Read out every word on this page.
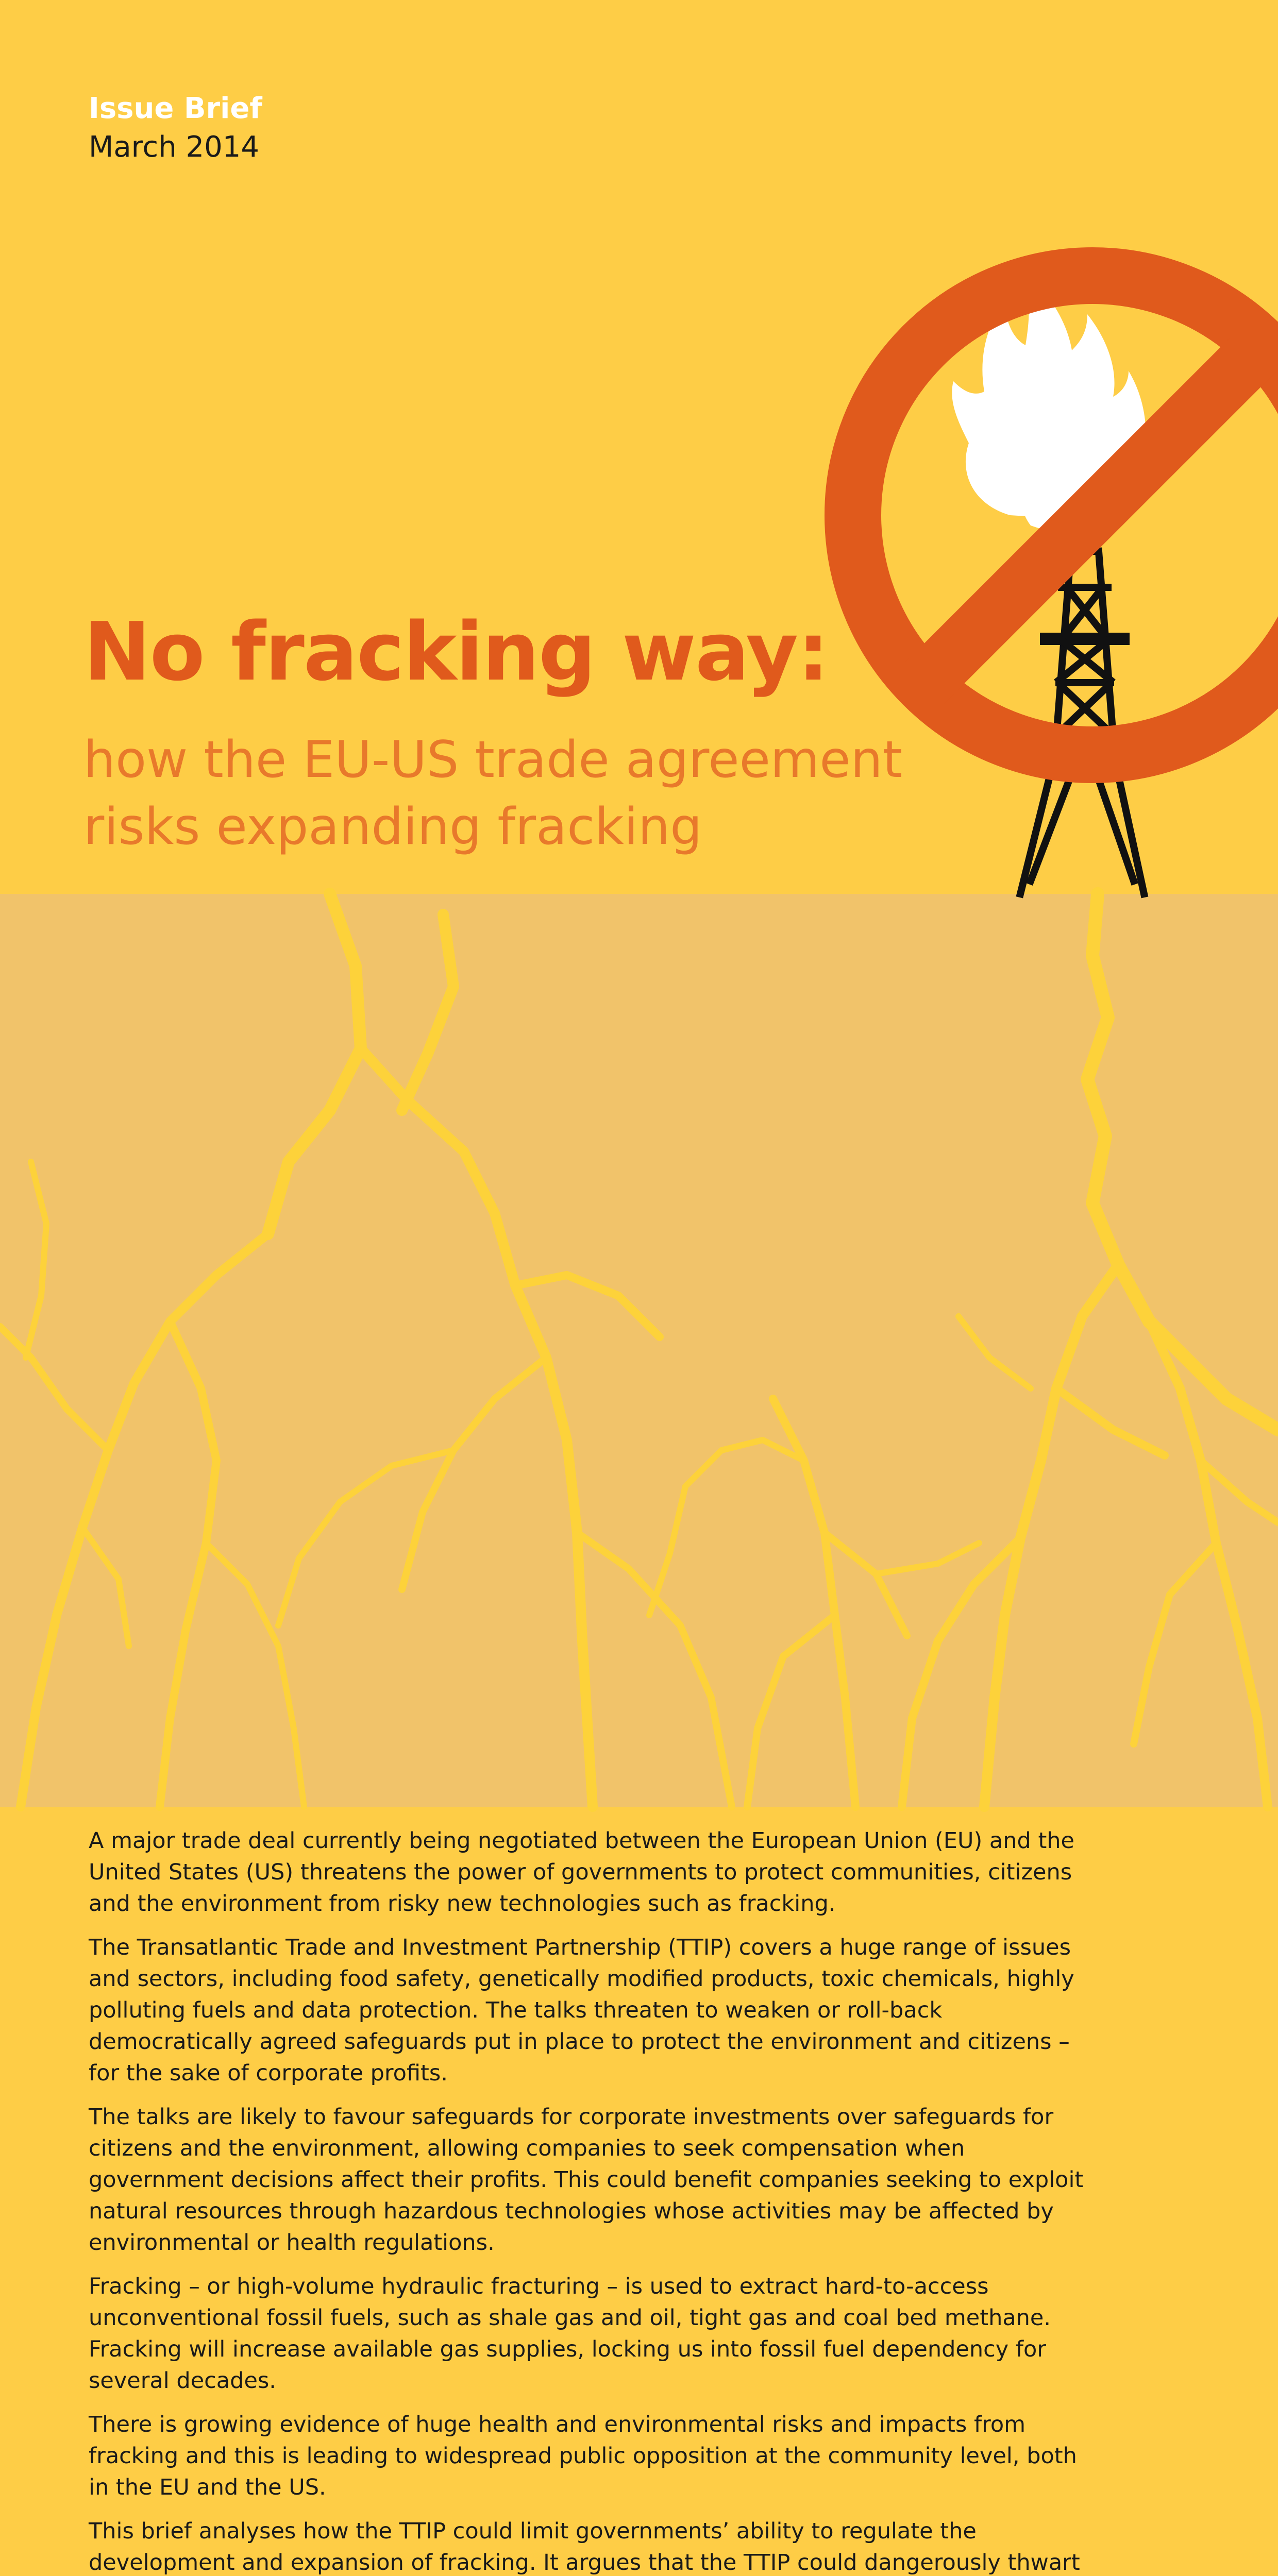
A major trade deal currently being negotiated between the European Union (EU) and the United States (US) threatens the power of governments to protect communities, citizens and the environment from risky new technologies such as fracking.

The Transatlantic Trade and Investment Partnership (TTIP) covers a huge range of issues and sectors, including food safety, genetically modified products, toxic chemicals, highly polluting fuels and data protection. The talks threaten to weaken or roll-back democratically agreed safeguards put in place to protect the environment and citizens – for the sake of corporate profits.

The talks are likely to favour safeguards for corporate investments over safeguards for citizens and the environment, allowing companies to seek compensation when government decisions affect their profits. This could benefit companies seeking to exploit natural resources through hazardous technologies whose activities may be affected by environmental or health regulations.

Fracking – or high-volume hydraulic fracturing – is used to extract hard-to-access unconventional fossil fuels, such as shale gas and oil, tight gas and coal bed methane. Fracking will increase available gas supplies, locking us into fossil fuel dependency for several decades.

There is growing evidence of huge health and environmental risks and impacts from fracking and this is leading to widespread public opposition at the community level, both in the EU and the US.

This brief analyses how the TTIP could limit governments’ ability to regulate the development and expansion of fracking. It argues that the TTIP could dangerously thwart

Issue Brief
March 2014
No fracking way:
how the EU-US trade agreement
risks expanding fracking
